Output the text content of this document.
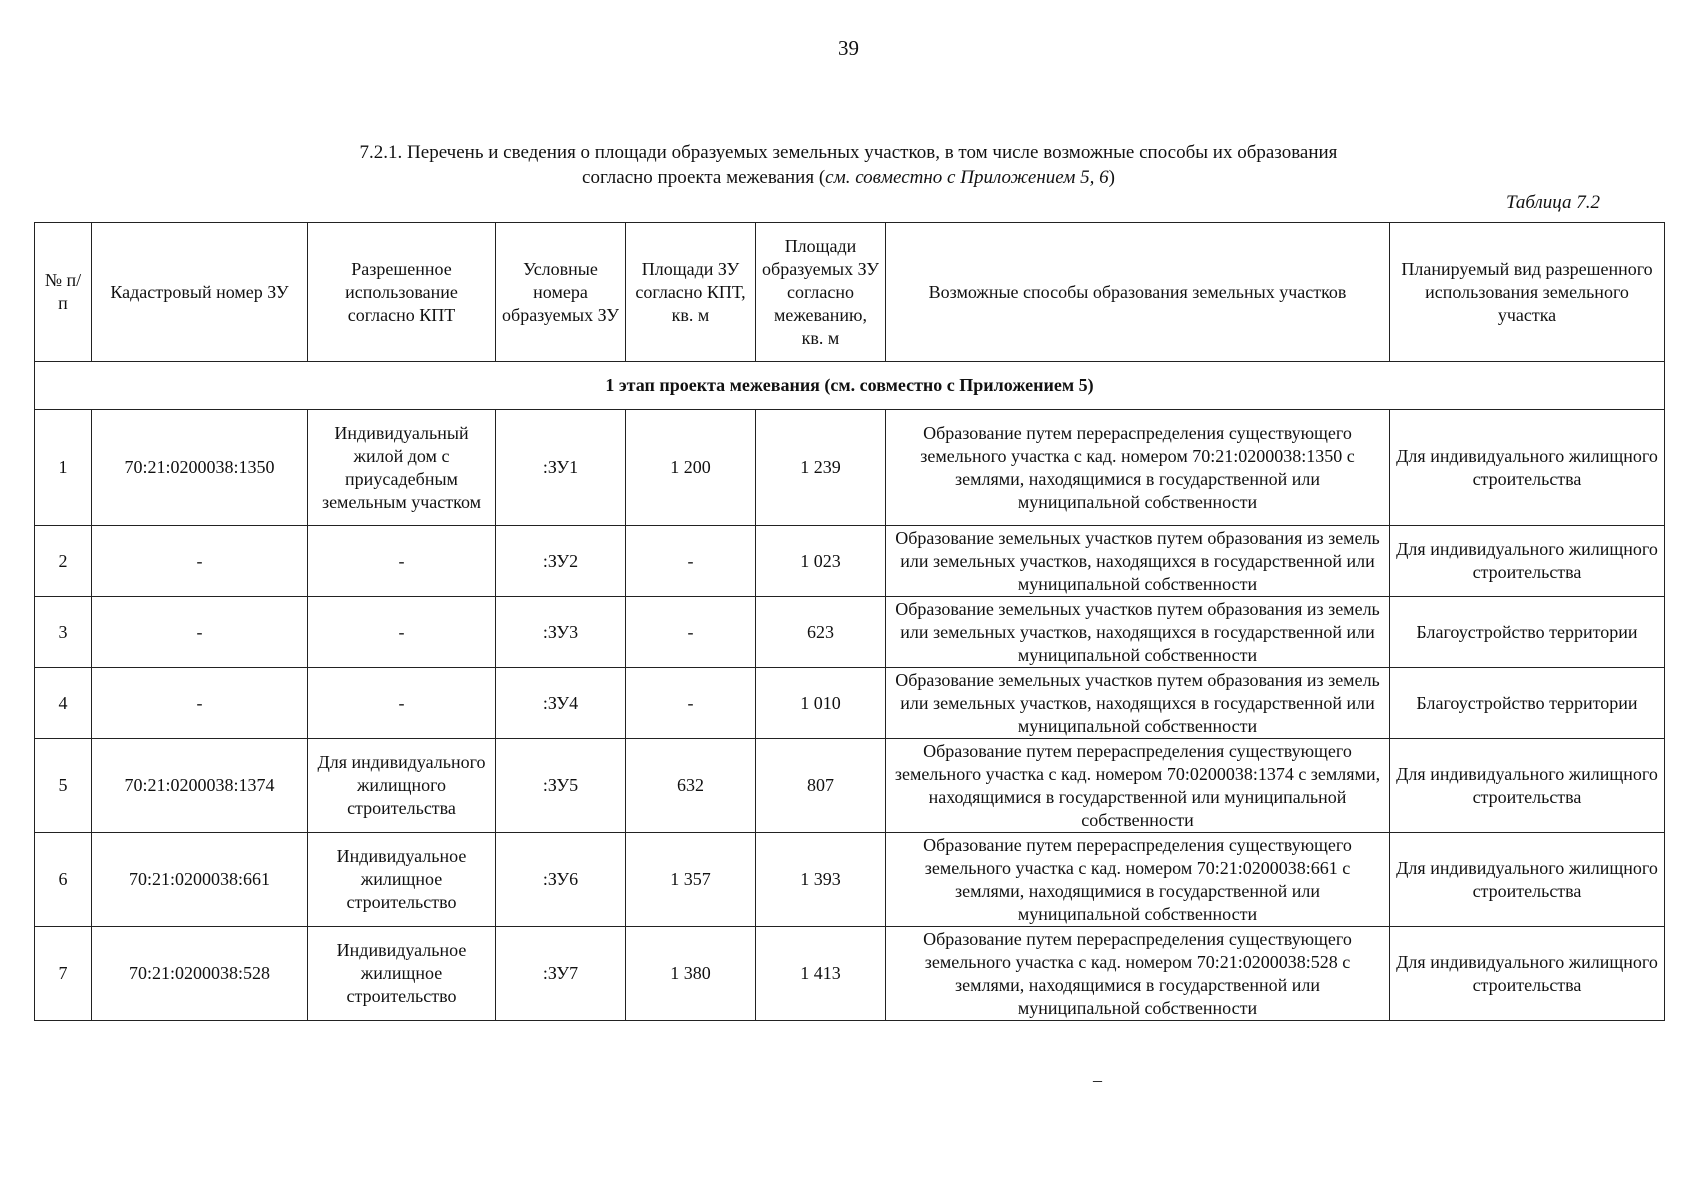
39
7.2.1. Перечень и сведения о площади образуемых земельных участков, в том числе возможные способы их образования
согласно проекта межевания (см. совместно с Приложением 5, 6)
Таблица 7.2
№ п/п	Кадастровый номер ЗУ	Разрешенное использование согласно КПТ	Условные номера образуемых ЗУ	Площади ЗУ согласно КПТ, кв. м	Площади образуемых ЗУ согласно межеванию, кв. м	Возможные способы образования земельных участков	Планируемый вид разрешенного использования земельного участка
1 этап проекта межевания (см. совместно с Приложением 5)							
1	70:21:0200038:1350	Индивидуальный жилой дом с приусадебным земельным участком	:ЗУ1	1 200	1 239	Образование путем перераспределения существующего земельного участка с кад. номером 70:21:0200038:1350 с землями, находящимися в государственной или муниципальной собственности	Для индивидуального жилищного строительства
2	-	-	:ЗУ2	-	1 023	Образование земельных участков путем образования из земель или земельных участков, находящихся в государственной или муниципальной собственности	Для индивидуального жилищного строительства
3	-	-	:ЗУ3	-	623	Образование земельных участков путем образования из земель или земельных участков, находящихся в государственной или муниципальной собственности	Благоустройство территории
4	-	-	:ЗУ4	-	1 010	Образование земельных участков путем образования из земель или земельных участков, находящихся в государственной или муниципальной собственности	Благоустройство территории
5	70:21:0200038:1374	Для индивидуального жилищного строительства	:ЗУ5	632	807	Образование путем перераспределения существующего земельного участка с кад. номером 70:0200038:1374 с землями, находящимися в государственной или муниципальной собственности	Для индивидуального жилищного строительства
6	70:21:0200038:661	Индивидуальное жилищное строительство	:ЗУ6	1 357	1 393	Образование путем перераспределения существующего земельного участка с кад. номером 70:21:0200038:661 с землями, находящимися в государственной или муниципальной собственности	Для индивидуального жилищного строительства
7	70:21:0200038:528	Индивидуальное жилищное строительство	:ЗУ7	1 380	1 413	Образование путем перераспределения существующего земельного участка с кад. номером 70:21:0200038:528 с землями, находящимися в государственной или муниципальной собственности	Для индивидуального жилищного строительства
–
